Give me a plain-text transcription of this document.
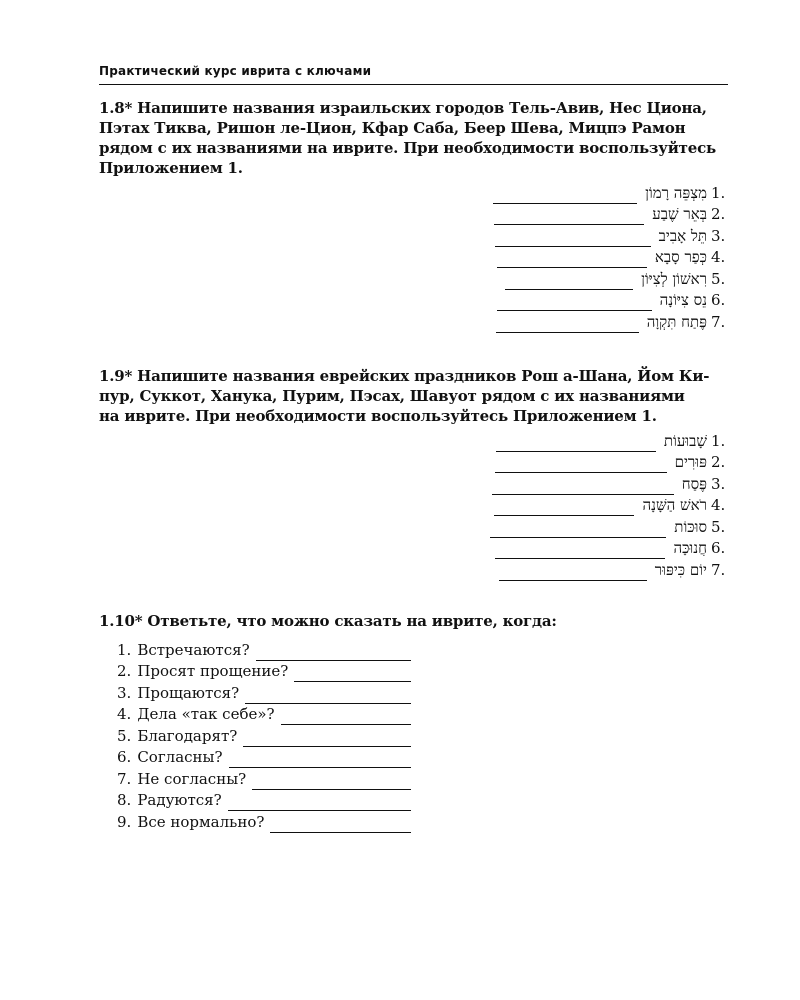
Практический курс иврита с ключами

1.8* Напишите названия израильских городов Тель-Авив, Нес Циона,

Пэтах Тиква, Ришон ле-Цион, Кфар Саба, Беер Шева, Мицпэ Рамон

рядом с их названиями на иврите. При необходимости воспользуйтесь

Приложением 1.

מִצְפֵּה רָמוֹן 1.
בְּאֵר שֶׁבַע 2.
תֵּל אָבִיב 3.
כְּפַר סָבָא 4.
רִאשׁוֹן לְצִיּוֹן 5.
נֵס צִיּוֹנָה 6.
פֶּתַח תִּקְוָה 7.

1.9* Напишите названия еврейских праздников Рош а-Шана, Йом Ки-

пур, Суккот, Ханука, Пурим, Пэсах, Шавуот рядом с их названиями

на иврите. При необходимости воспользуйтесь Приложением 1.

שָׁבוּעוֹת 1.
פּוּרִים 2.
פֶּסַח 3.
רֹאשׁ הַשָּׁנָה 4.
סוּכּוֹת 5.
חֲנוּכָּה 6.
יוֹם כִּיפּוּר 7.

1.10* Ответьте, что можно сказать на иврите, когда:

1. Встречаются?
2. Просят прощение?
3. Прощаются?
4. Дела «так себе»?
5. Благодарят?
6. Согласны?
7. Не согласны?
8. Радуются?
9. Все нормально?
